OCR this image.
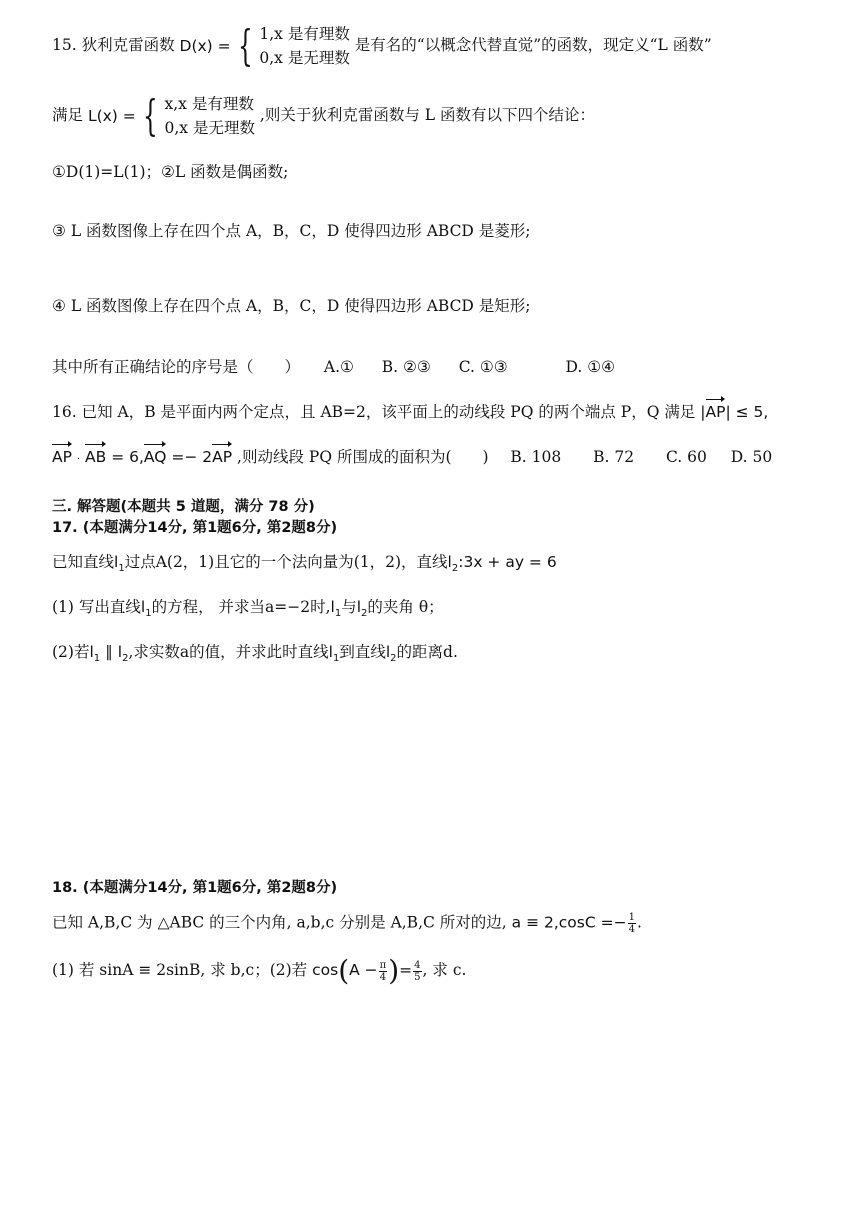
15. 狄利克雷函数 D(x) = { 1,x 是有理数
0,x 是无理数
是有名的“以概念代替直觉”的函数，现定义“L 函数”
满足 L(x) = { x,x 是有理数
0,x 是无理数
,则关于狄利克雷函数与 L 函数有以下四个结论：
①D(1)=L(1)；②L 函数是偶函数;
③ L 函数图像上存在四个点 A，B，C，D 使得四边形 ABCD 是菱形;
④ L 函数图像上存在四个点 A，B，C，D 使得四边形 ABCD 是矩形;
其中所有正确结论的序号是（　　） A.① B. ②③ C. ①③	D. ①④
16. 已知 A，B 是平面内两个定点，且 AB=2，该平面上的动线段 PQ 的两个端点 P，Q 满足 |AP| ≤ 5,
AP · AB = 6,AQ =− 2AP ,则动线段 PQ 所围成的面积为(　　) B. 108 B. 72 C. 60 D. 50
三. 解答题(本题共 5 道题，满分 78 分)
17. (本题满分14分, 第1题6分, 第2题8分)
已知直线$l_1$过点A(2，1)且它的一个法向量为(1，2)，直线$l_2:3x$ + ay = 6
(1) 写出直线$l_1$的方程， 并求当a=−2时$,l_1$与$l_2$的夹角 θ；
(2)若$l_1$ ∥ $l_2$,求实数a的值，并求此时直线$l_1$到直线$l_2$的距离d.
18. (本题满分14分, 第1题6分, 第2题8分)
已知 A,B,C 为 △ABC 的三个内角, a,b,c 分别是 A,B,C 所对的边, $a \equiv 2,\cos C =- \frac{1}{4}$ .
(1) 若 sinA ≡ 2sinB, 求 b,c；(2)若 $\cos(A - \frac{\pi}{4}$ )= $\frac{4}{5}$ , 求 c.
